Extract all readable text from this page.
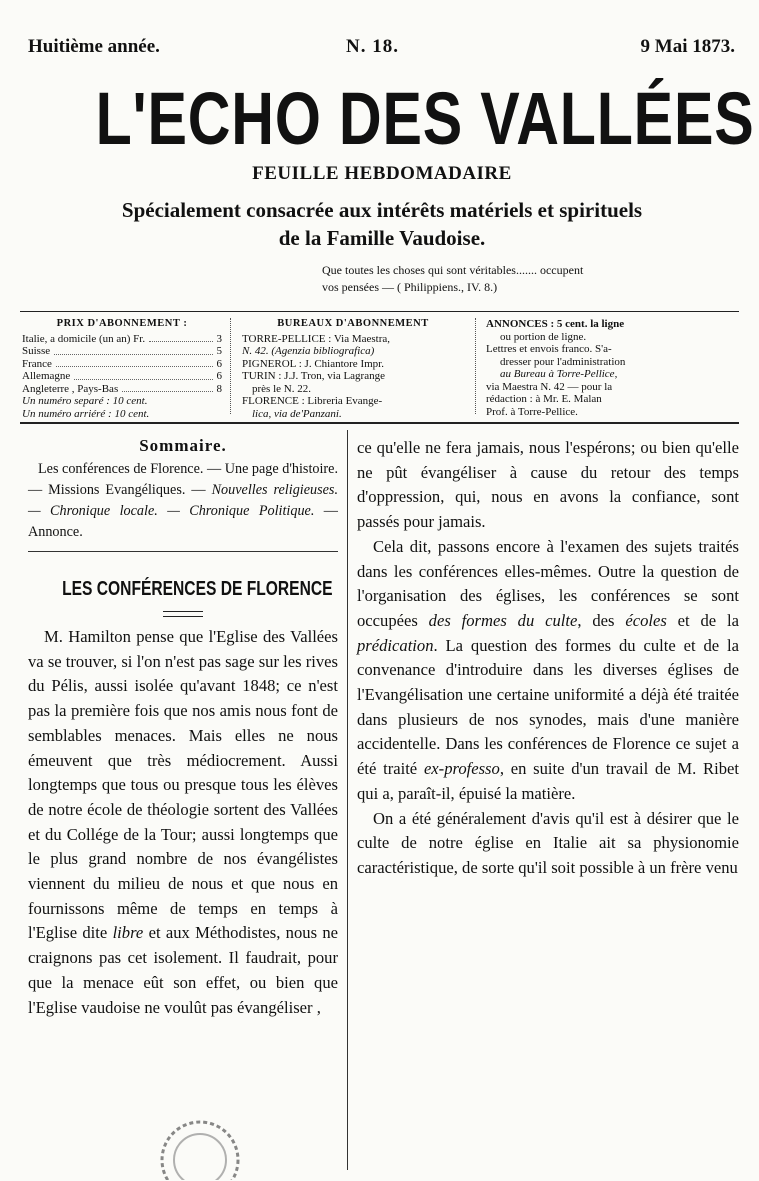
Huitième année.	N. 18.	9 Mai 1873.
L'ECHO DES VALLÉES
FEUILLE HEBDOMADAIRE
Spécialement consacrée aux intérêts matériels et spirituels
de la Famille Vaudoise.
Que toutes les choses qui sont véritables....... occupent
vos pensées — ( Philippiens., IV. 8.)
PRIX D'ABONNEMENT :
Italie, a domicile (un an) Fr.	3
Suisse	5
France	6
Allemagne	6
Angleterre , Pays-Bas	8
Un numéro separé : 10 cent.
Un numéro arriéré : 10 cent.
BUREAUX D'ABONNEMENT
TORRE-PELLICE : Via Maestra,
N. 42. (Agenzia bibliografica)
PIGNEROL : J. Chiantore Impr.
TURIN : J.J. Tron, via Lagrange
près le N. 22.
FLORENCE : Libreria Evange-
lica, via de'Panzani.
ANNONCES : 5 cent. la ligne
ou portion de ligne.
Lettres et envois franco. S'a-
dresser pour l'administration
au Bureau à Torre-Pellice,
via Maestra N. 42 — pour la
rédaction : à Mr. E. Malan
Prof. à Torre-Pellice.
Sommaire.
Les conférences de Florence. — Une page d'histoire. — Missions Evangéliques. — Nouvelles religieuses. — Chronique locale. — Chronique Politique. — Annonce.
LES CONFÉRENCES DE FLORENCE

M. Hamilton pense que l'Eglise des Vallées va se trouver, si l'on n'est pas sage sur les rives du Pélis, aussi isolée qu'avant 1848; ce n'est pas la première fois que nos amis nous font de semblables menaces. Mais elles ne nous émeuvent que très médiocrement. Aussi longtemps que tous ou presque tous les élèves de notre école de théologie sortent des Vallées et du Collége de la Tour; aussi longtemps que le plus grand nombre de nos évangélistes viennent du milieu de nous et que nous en fournissons même de temps en temps à l'Eglise dite libre et aux Méthodistes, nous ne craignons pas cet isolement. Il faudrait, pour que la menace eût son effet, ou bien que l'Eglise vaudoise ne voulût pas évangéliser ,

ce qu'elle ne fera jamais, nous l'espérons; ou bien qu'elle ne pût évangéliser à cause du retour des temps d'oppression, qui, nous en avons la confiance, sont passés pour jamais.

Cela dit, passons encore à l'examen des sujets traités dans les conférences elles-mêmes. Outre la question de l'organisation des églises, les conférences se sont occupées des formes du culte, des écoles et de la prédication. La question des formes du culte et de la convenance d'introduire dans les diverses églises de l'Evangélisation une certaine uniformité a déjà été traitée dans plusieurs de nos synodes, mais d'une manière accidentelle. Dans les conférences de Florence ce sujet a été traité ex-professo, en suite d'un travail de M. Ribet qui a, paraît-il, épuisé la matière.

On a été généralement d'avis qu'il est à désirer que le culte de notre église en Italie ait sa physionomie caractéristique, de sorte qu'il soit possible à un frère venu
